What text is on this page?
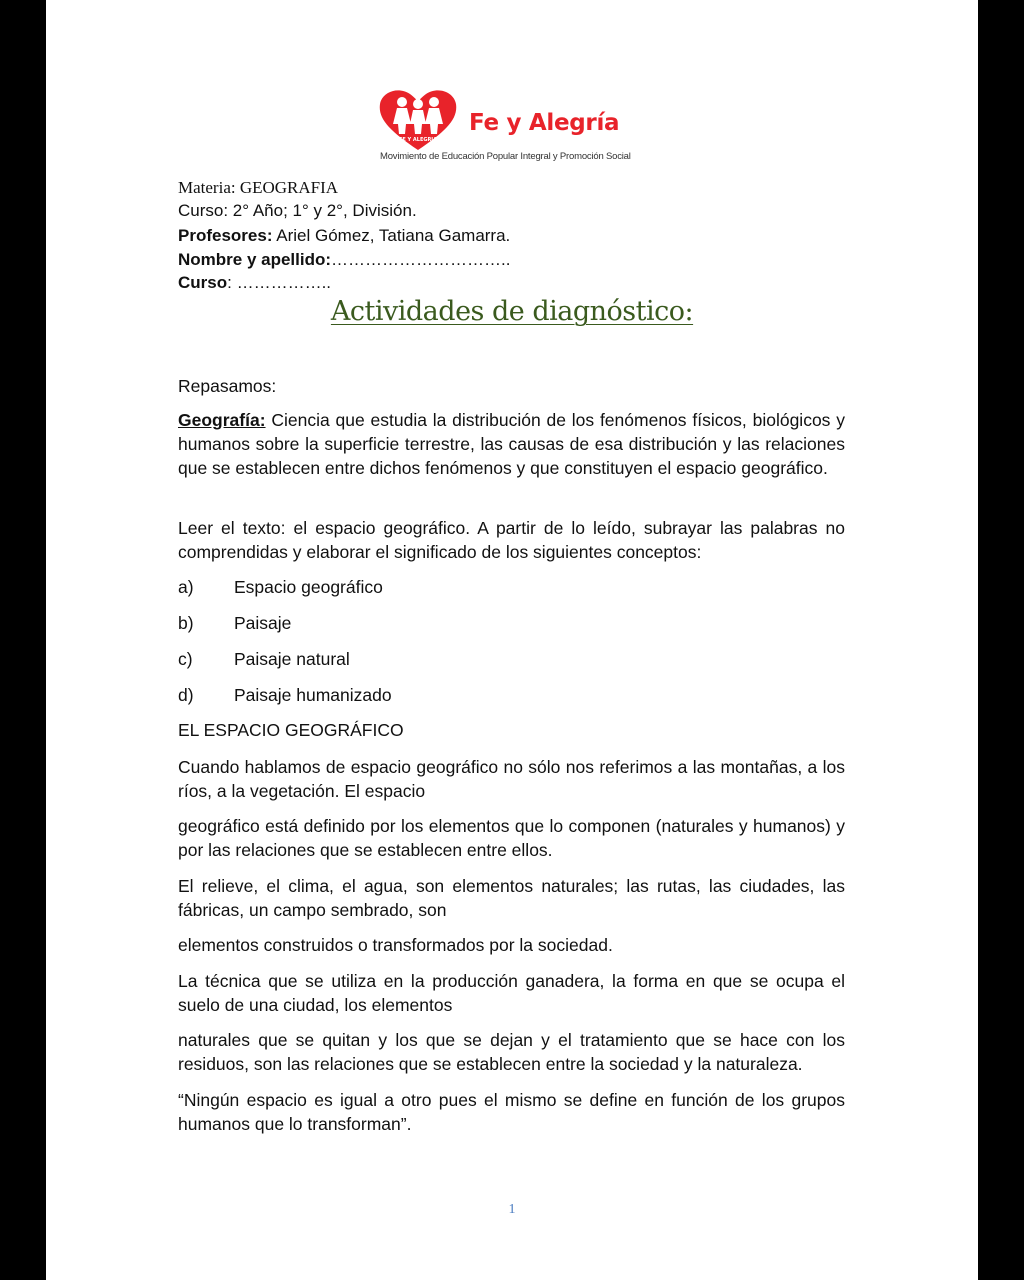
FE Y ALEGRIA
Fe y Alegría
Movimiento de Educación Popular Integral y Promoción Social
Materia: GEOGRAFIA
Curso: 2° Año; 1° y 2°, División.
Profesores: Ariel Gómez, Tatiana Gamarra.
Nombre y apellido:…………………………..
Curso: ……………..
Actividades de diagnóstico:
Repasamos:
Geografía: Ciencia que estudia la distribución de los fenómenos físicos, biológicos y humanos sobre la superficie terrestre, las causas de esa distribución y las relaciones que se establecen entre dichos fenómenos y que constituyen el espacio geográfico.
Leer el texto: el espacio geográfico. A partir de lo leído, subrayar las palabras no comprendidas y elaborar el significado de los siguientes conceptos:
a) Espacio geográfico
b) Paisaje
c) Paisaje natural
d) Paisaje humanizado
EL ESPACIO GEOGRÁFICO
Cuando hablamos de espacio geográfico no sólo nos referimos a las montañas, a los ríos, a la vegetación. El espacio
geográfico está definido por los elementos que lo componen (naturales y humanos) y por las relaciones que se establecen entre ellos.
El relieve, el clima, el agua, son elementos naturales; las rutas, las ciudades, las fábricas, un campo sembrado, son
elementos construidos o transformados por la sociedad.
La técnica que se utiliza en la producción ganadera, la forma en que se ocupa el suelo de una ciudad, los elementos
naturales que se quitan y los que se dejan y el tratamiento que se hace con los residuos, son las relaciones que se establecen entre la sociedad y la naturaleza.
“Ningún espacio es igual a otro pues el mismo se define en función de los grupos humanos que lo transforman”.
1
